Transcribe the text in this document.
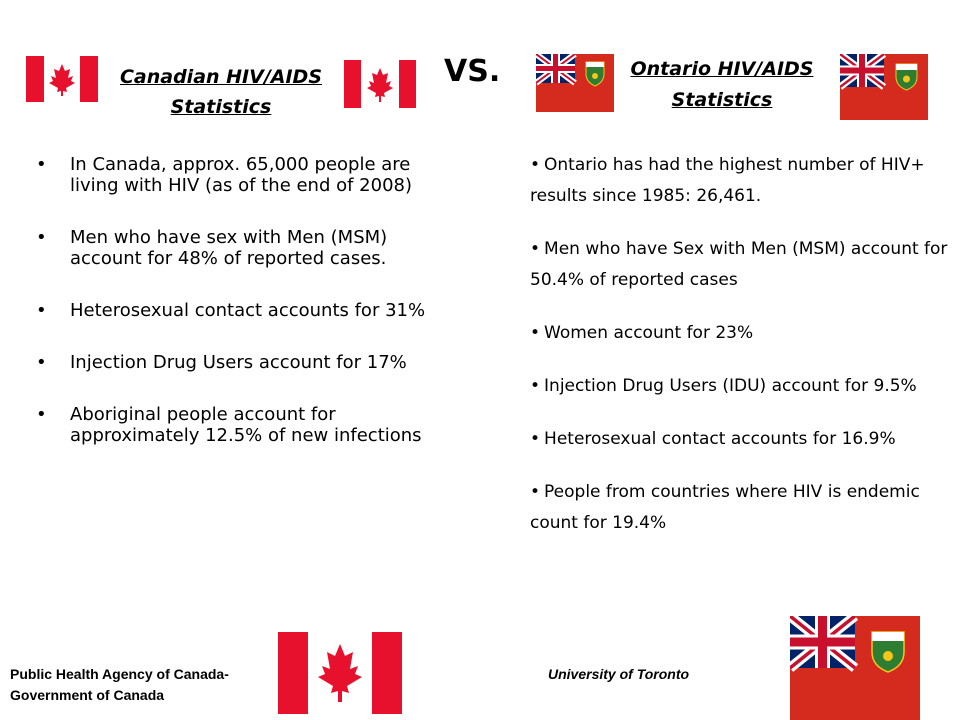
Canadian HIV/AIDS Statistics
VS.	Ontario HIV/AIDS Statistics
• In Canada, approx. 65,000 people are living with HIV (as of the end of 2008)
• Men who have sex with Men (MSM) account for 48% of reported cases.
• Heterosexual contact accounts for 31%
• Injection Drug Users account for 17%
• Aboriginal people account for approximately 12.5% of new infections
• Ontario has had the highest number of HIV+ results since 1985: 26,461.
• Men who have Sex with Men (MSM) account for 50.4% of reported cases
• Women account for 23%
• Injection Drug Users (IDU) account for 9.5%
• Heterosexual contact accounts for 16.9%
• People from countries where HIV is endemic count for 19.4%
Public Health Agency of Canada- Government of Canada
University of Toronto
